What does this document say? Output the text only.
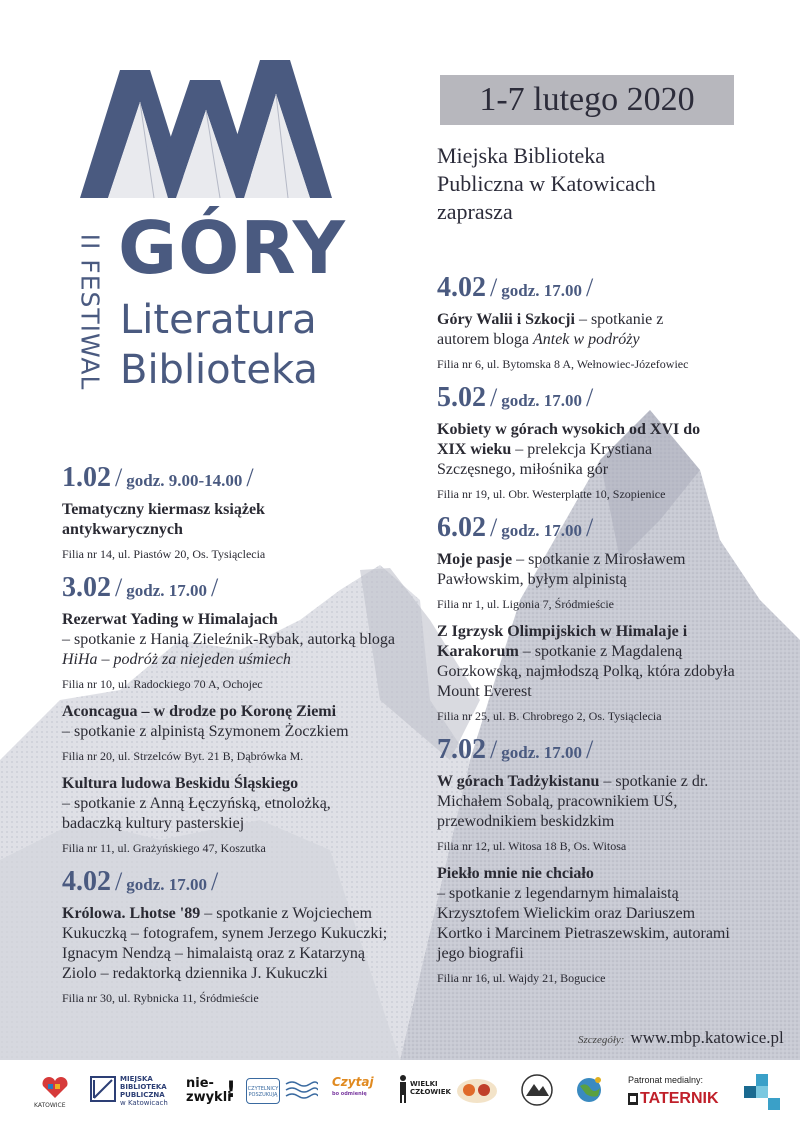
II FESTIWAL GÓRY
Literatura
Biblioteka
1-7 lutego 2020
Miejska Biblioteka
Publiczna w Katowicach
zaprasza
1.02 / godz. 9.00-14.00 /
Tematyczny kiermasz książek antykwarycznych
Filia nr 14, ul. Piastów 20, Os. Tysiąclecia
3.02 / godz. 17.00 /
Rezerwat Yading w Himalajach
– spotkanie z Hanią Zieleźnik-Rybak, autorką bloga HiHa – podróż za niejeden uśmiech
Filia nr 10, ul. Radockiego 70 A, Ochojec
Aconcagua – w drodze po Koronę Ziemi
– spotkanie z alpinistą Szymonem Żoczkiem
Filia nr 20, ul. Strzelców Byt. 21 B, Dąbrówka M.
Kultura ludowa Beskidu Śląskiego
– spotkanie z Anną Łęczyńską, etnolożką, badaczką kultury pasterskiej
Filia nr 11, ul. Grażyńskiego 47, Koszutka
4.02 / godz. 17.00 /
Królowa. Lhotse '89 – spotkanie z Wojciechem Kukuczką – fotografem, synem Jerzego Kukuczki; Ignacym Nendzą – himalaistą oraz z Katarzyną Ziolo – redaktorką dziennika J. Kukuczki
Filia nr 30, ul. Rybnicka 11, Śródmieście
4.02 / godz. 17.00 /
Góry Walii i Szkocji – spotkanie z autorem bloga Antek w podróży
Filia nr 6, ul. Bytomska 8 A, Wełnowiec-Józefowiec
5.02 / godz. 17.00 /
Kobiety w górach wysokich od XVI do XIX wieku – prelekcja Krystiana Szczęsnego, miłośnika gór
Filia nr 19, ul. Obr. Westerplatte 10, Szopienice
6.02 / godz. 17.00 /
Moje pasje – spotkanie z Mirosławem Pawłowskim, byłym alpinistą
Filia nr 1, ul. Ligonia 7, Śródmieście
Z Igrzysk Olimpijskich w Himalaje i Karakorum – spotkanie z Magdaleną Gorzkowską, najmłodszą Polką, która zdobyła Mount Everest
Filia nr 25, ul. B. Chrobrego 2, Os. Tysiąclecia
7.02 / godz. 17.00 /
W górach Tadżykistanu – spotkanie z dr. Michałem Sobalą, pracownikiem UŚ, przewodnikiem beskidzkim
Filia nr 12, ul. Witosa 18 B, Os. Witosa
Piekło mnie nie chciało
– spotkanie z legendarnym himalaistą Krzysztofem Wielickim oraz Dariuszem Kortko i Marcinem Pietraszewskim, autorami jego biografii
Filia nr 16, ul. Wajdy 21, Bogucice
Szczegóły: www.mbp.katowice.pl
KATOWICE
MIEJSKA
BIBLIOTEKA
PUBLICZNA
w Katowicach
nie-
zwykli
! CZYTELNICY
POSZUKUJĄ
Czytaj
bo odmienię
WIELKI
CZŁOWIEK	TATERNIK
Patronat medialny:
